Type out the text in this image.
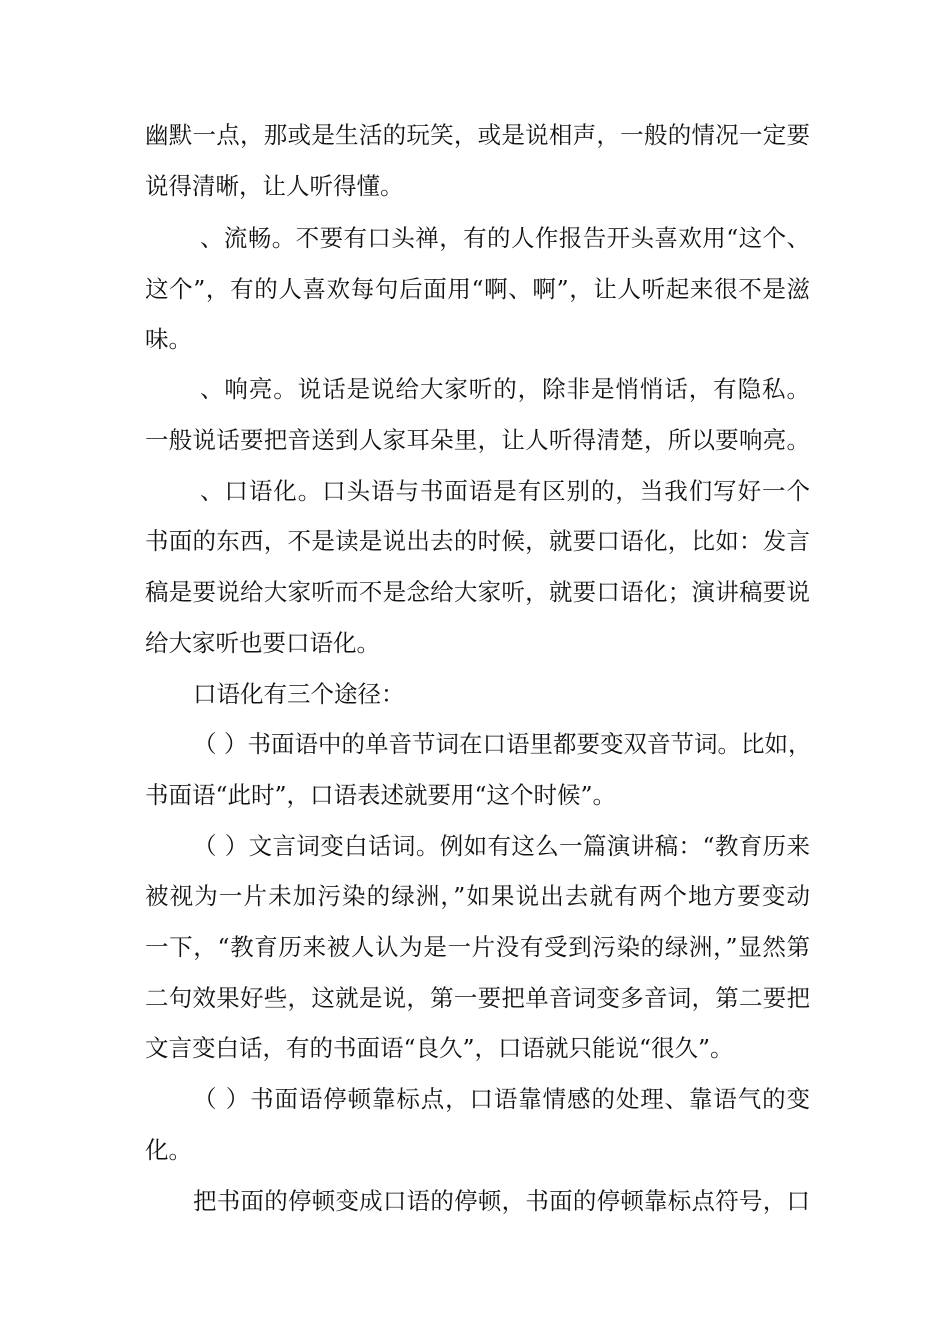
幽默一点，那或是生活的玩笑，或是说相声，一般的情况一定要
说得清晰，让人听得懂。
、流畅。不要有口头禅，有的人作报告开头喜欢用“这个、
这个”，有的人喜欢每句后面用“啊、啊”，让人听起来很不是滋
味。
、响亮。说话是说给大家听的，除非是悄悄话，有隐私。
一般说话要把音送到人家耳朵里，让人听得清楚，所以要响亮。
、口语化。口头语与书面语是有区别的，当我们写好一个
书面的东西，不是读是说出去的时候，就要口语化，比如：发言
稿是要说给大家听而不是念给大家听，就要口语化；演讲稿要说
给大家听也要口语化。
口语化有三个途径：
（ ）书面语中的单音节词在口语里都要变双音节词。比如，
书面语“此时”，口语表述就要用“这个时候”。
（ ）文言词变白话词。例如有这么一篇演讲稿：“教育历来
被视为一片未加污染的绿洲，”如果说出去就有两个地方要变动
一下，“教育历来被人认为是一片没有受到污染的绿洲，”显然第
二句效果好些，这就是说，第一要把单音词变多音词，第二要把
文言变白话，有的书面语“良久”，口语就只能说“很久”。
（ ）书面语停顿靠标点，口语靠情感的处理、靠语气的变
化。
把书面的停顿变成口语的停顿，书面的停顿靠标点符号，口
